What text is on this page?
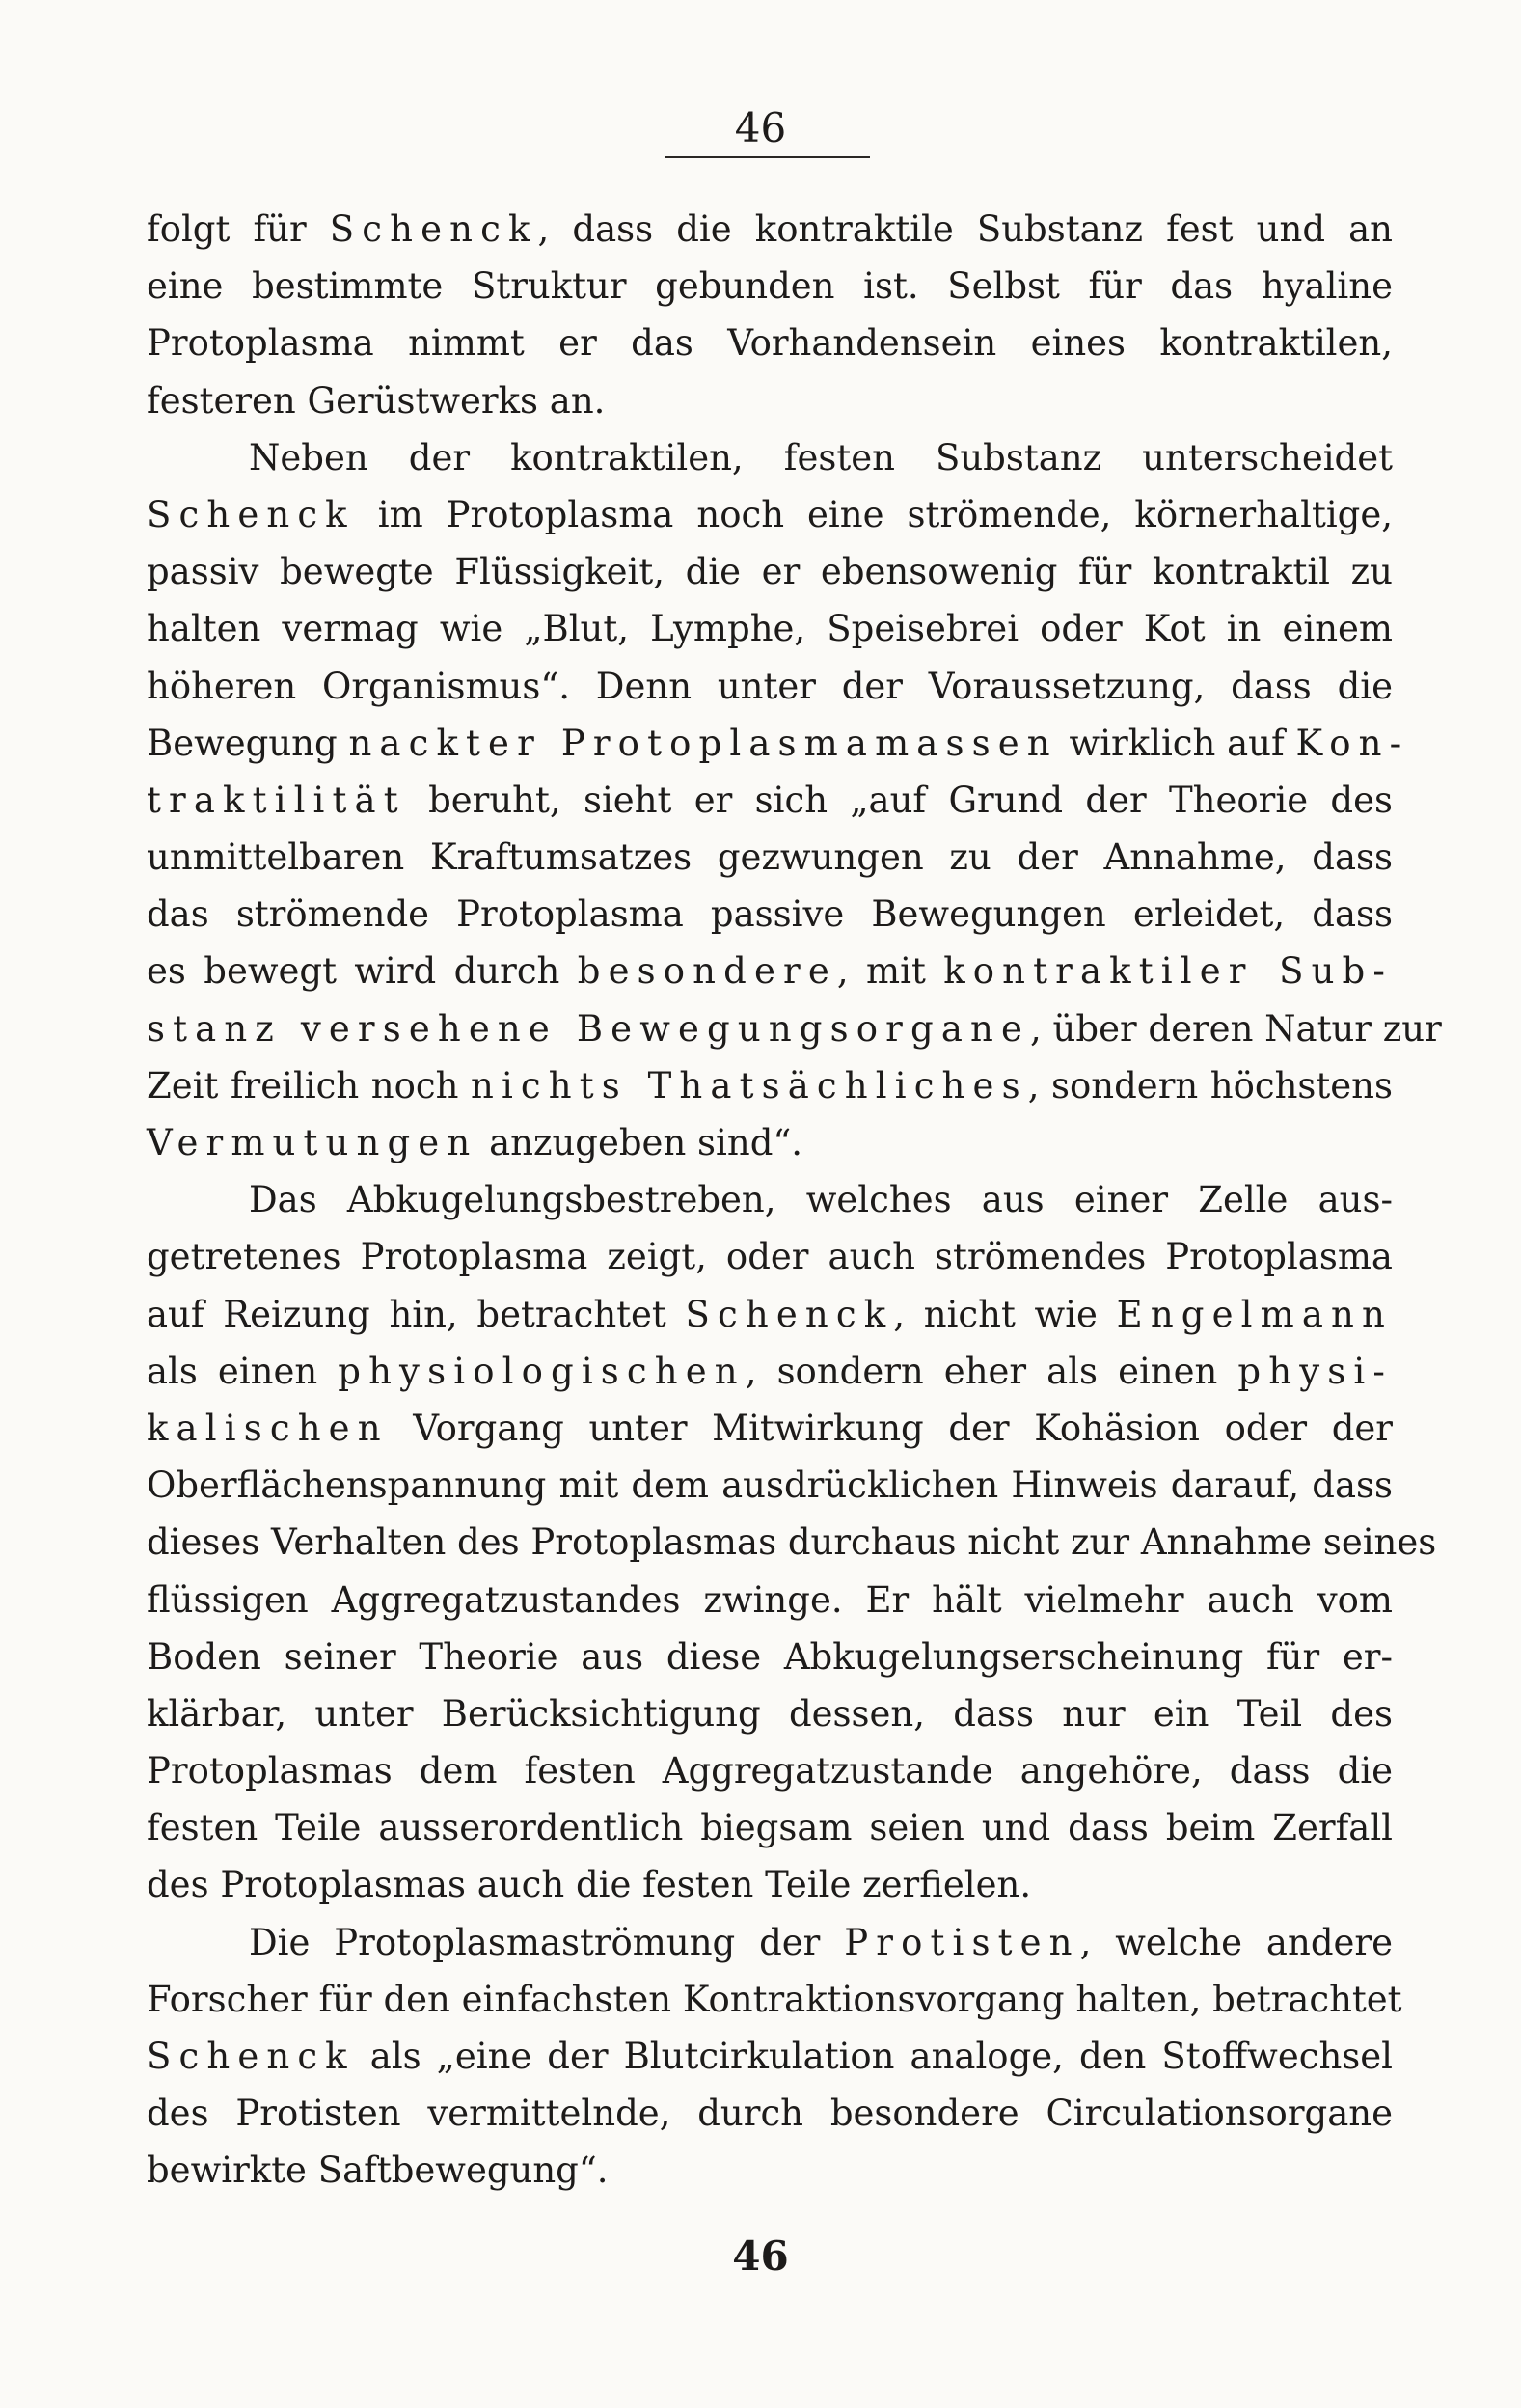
46
folgt für Schenck, dass die kontraktile Substanz fest und an
eine bestimmte Struktur gebunden ist. Selbst für das hyaline
Protoplasma nimmt er das Vorhandensein eines kontraktilen,
festeren Gerüstwerks an.
Neben der kontraktilen, festen Substanz unterscheidet
Schenck im Protoplasma noch eine strömende, körnerhaltige,
passiv bewegte Flüssigkeit, die er ebensowenig für kontraktil zu
halten vermag wie „Blut, Lymphe, Speisebrei oder Kot in einem
höheren Organismus“. Denn unter der Voraussetzung, dass die
Bewegung nackter Protoplasmamassen wirklich auf Kon-
traktilität beruht, sieht er sich „auf Grund der Theorie des
unmittelbaren Kraftumsatzes gezwungen zu der Annahme, dass
das strömende Protoplasma passive Bewegungen erleidet, dass
es bewegt wird durch besondere, mit kontraktiler Sub-
stanz versehene Bewegungsorgane, über deren Natur zur
Zeit freilich noch nichts Thatsächliches, sondern höchstens
Vermutungen anzugeben sind“.
Das Abkugelungsbestreben, welches aus einer Zelle aus-
getretenes Protoplasma zeigt, oder auch strömendes Protoplasma
auf Reizung hin, betrachtet Schenck, nicht wie Engelmann
als einen physiologischen, sondern eher als einen physi-
kalischen Vorgang unter Mitwirkung der Kohäsion oder der
Oberflächenspannung mit dem ausdrücklichen Hinweis darauf, dass
dieses Verhalten des Protoplasmas durchaus nicht zur Annahme seines
flüssigen Aggregatzustandes zwinge. Er hält vielmehr auch vom
Boden seiner Theorie aus diese Abkugelungserscheinung für er-
klärbar, unter Berücksichtigung dessen, dass nur ein Teil des
Protoplasmas dem festen Aggregatzustande angehöre, dass die
festen Teile ausserordentlich biegsam seien und dass beim Zerfall
des Protoplasmas auch die festen Teile zerfielen.
Die Protoplasmaströmung der Protisten, welche andere
Forscher für den einfachsten Kontraktionsvorgang halten, betrachtet
Schenck als „eine der Blutcirkulation analoge, den Stoffwechsel
des Protisten vermittelnde, durch besondere Circulationsorgane
bewirkte Saftbewegung“.
46
